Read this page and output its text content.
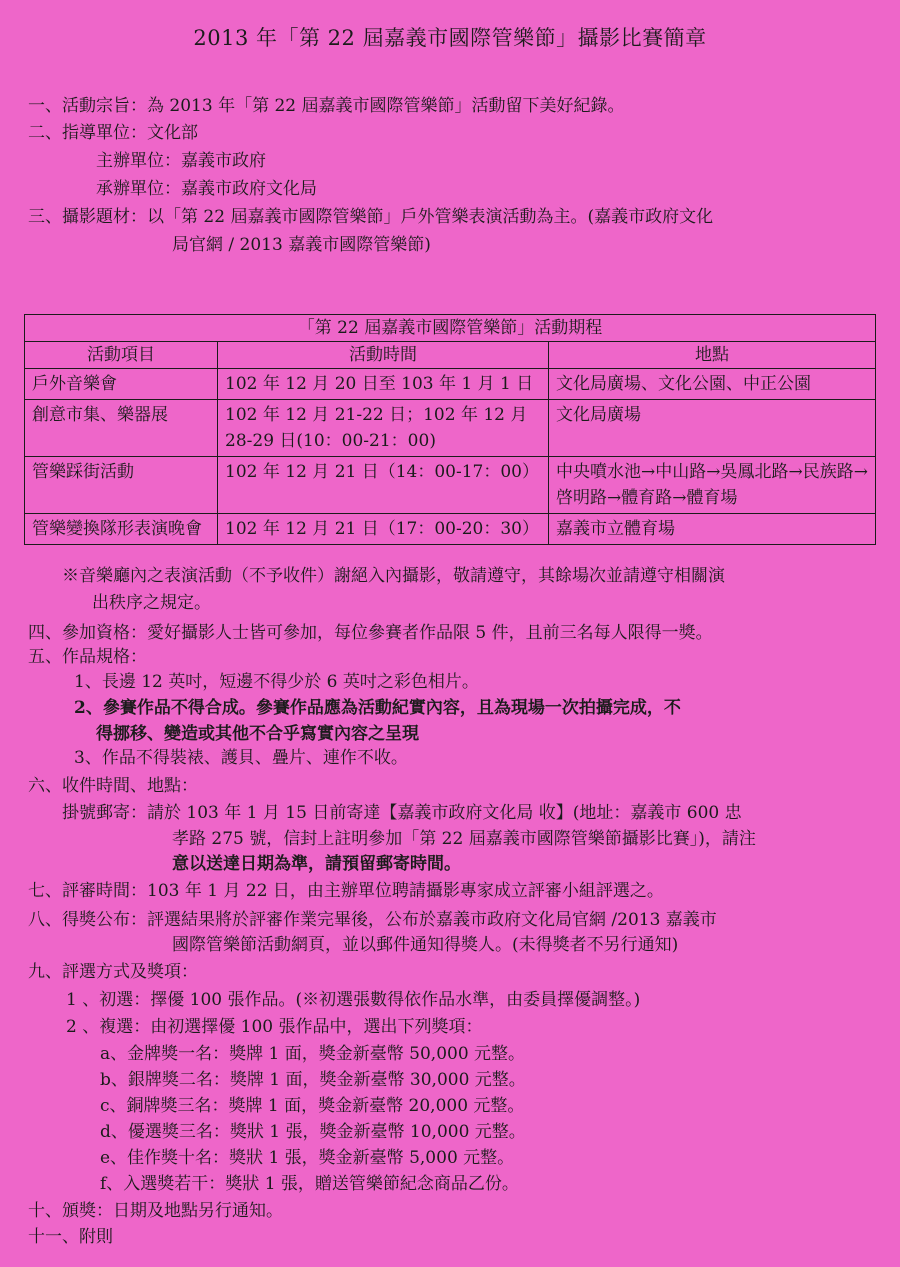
2013 年「第 22 屆嘉義市國際管樂節」攝影比賽簡章
一、活動宗旨：為 2013 年「第 22 屆嘉義市國際管樂節」活動留下美好紀錄。
二、指導單位：文化部
主辦單位：嘉義市政府
承辦單位：嘉義市政府文化局
三、攝影題材：以「第 22 屆嘉義市國際管樂節」戶外管樂表演活動為主。(嘉義市政府文化
局官網 / 2013 嘉義市國際管樂節)
「第 22 屆嘉義市國際管樂節」活動期程		
活動項目	活動時間	地點
戶外音樂會	102 年 12 月 20 日至 103 年 1 月 1 日	文化局廣場、文化公園、中正公園
創意市集、樂器展	102 年 12 月 21-22 日；102 年 12 月 28-29 日(10：00-21：00)	文化局廣場
管樂踩街活動	102 年 12 月 21 日（14：00-17：00）	中央噴水池→中山路→吳鳳北路→民族路→啓明路→體育路→體育場
管樂變換隊形表演晚會	102 年 12 月 21 日（17：00-20：30）	嘉義市立體育場
※音樂廳內之表演活動（不予收件）謝絕入內攝影，敬請遵守，其餘場次並請遵守相關演
出秩序之規定。
四、參加資格：愛好攝影人士皆可參加，每位參賽者作品限 5 件，且前三名每人限得一獎。
五、作品規格：
1、長邊 12 英吋，短邊不得少於 6 英吋之彩色相片。
2、參賽作品不得合成。參賽作品應為活動紀實內容，且為現場一次拍攝完成，不
得挪移、變造或其他不合乎寫實內容之呈現
3、作品不得裝裱、護貝、疊片、連作不收。
六、收件時間、地點：
掛號郵寄：請於 103 年 1 月 15 日前寄達【嘉義市政府文化局 收】(地址：嘉義市 600 忠
孝路 275 號，信封上註明參加「第 22 屆嘉義市國際管樂節攝影比賽」)，請注
意以送達日期為準，請預留郵寄時間。
七、評審時間：103 年 1 月 22 日，由主辦單位聘請攝影專家成立評審小組評選之。
八、得獎公布：評選結果將於評審作業完畢後，公布於嘉義市政府文化局官網 /2013 嘉義市
國際管樂節活動網頁，並以郵件通知得獎人。(未得獎者不另行通知)
九、評選方式及獎項：
1 、初選：擇優 100 張作品。(※初選張數得依作品水準，由委員擇優調整。)
2 、複選：由初選擇優 100 張作品中，選出下列獎項：
a、金牌獎一名：獎牌 1 面，獎金新臺幣 50,000 元整。
b、銀牌獎二名：獎牌 1 面，獎金新臺幣 30,000 元整。
c、銅牌獎三名：獎牌 1 面，獎金新臺幣 20,000 元整。
d、優選獎三名：獎狀 1 張，獎金新臺幣 10,000 元整。
e、佳作獎十名：獎狀 1 張，獎金新臺幣 5,000 元整。
f、入選獎若干：獎狀 1 張，贈送管樂節紀念商品乙份。
十、頒獎：日期及地點另行通知。
十一、附則
